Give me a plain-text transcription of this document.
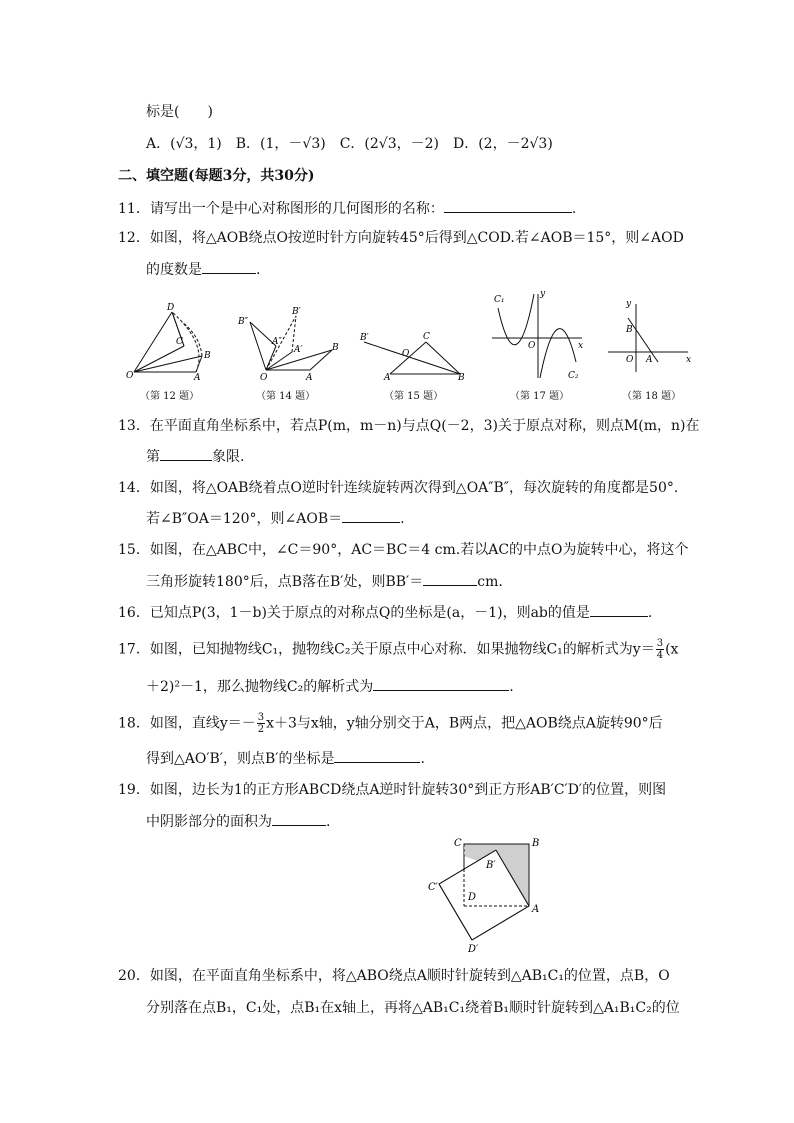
标是(　　)
A．(√3，1)　B．(1，－√3)　C．(2√3，－2)　D．(2，－2√3)
二、填空题(每题3分，共30分)
11．请写出一个是中心对称图形的几何图形的名称：	.
12．如图，将△AOB绕点O按逆时针方向旋转45°后得到△COD.若∠AOB＝15°，则∠AOD
的度数是	.
D
C
B
O	A
（第 12 题）
B″
B′
A″
A′	B
O	A
（第 14 题）
B′	C
O
A	B
（第 15 题）
C₁
y
O	x
C₂
（第 17 题）
y
B
O A	x
（第 18 题）
13．在平面直角坐标系中，若点P(m，m－n)与点Q(－2，3)关于原点对称，则点M(m，n)在
第	象限.
14．如图，将△OAB绕着点O逆时针连续旋转两次得到△OA″B″，每次旋转的角度都是50°.
若∠B″OA＝120°，则∠AOB＝	.
15．如图，在△ABC中，∠C＝90°，AC＝BC＝4 cm.若以AC的中点O为旋转中心，将这个
三角形旋转180°后，点B落在B′处，则BB′＝	cm.
16．已知点P(3，1－b)关于原点的对称点Q的坐标是(a，－1)，则ab的值是	.
17．如图，已知抛物线C₁，抛物线C₂关于原点中心对称．如果抛物线C₁的解析式为$y= \frac{3}{4} (x$
＋2)²－1，那么抛物线C₂的解析式为	.
18．如图，直线$y=- \frac{3}{2} x+3$与x轴，y轴分别交于A，B两点，把△AOB绕点A旋转90°后
得到△AO′B′，则点B′的坐标是	.
19．如图，边长为1的正方形ABCD绕点A逆时针旋转30°到正方形AB′C′D′的位置，则图
中阴影部分的面积为	.
C	B
B′
C′
D
A
D′
20．如图，在平面直角坐标系中，将△ABO绕点A顺时针旋转到△AB₁C₁的位置，点B，O
分别落在点B₁，C₁处，点B₁在x轴上，再将△AB₁C₁绕着B₁顺时针旋转到△A₁B₁C₂的位
